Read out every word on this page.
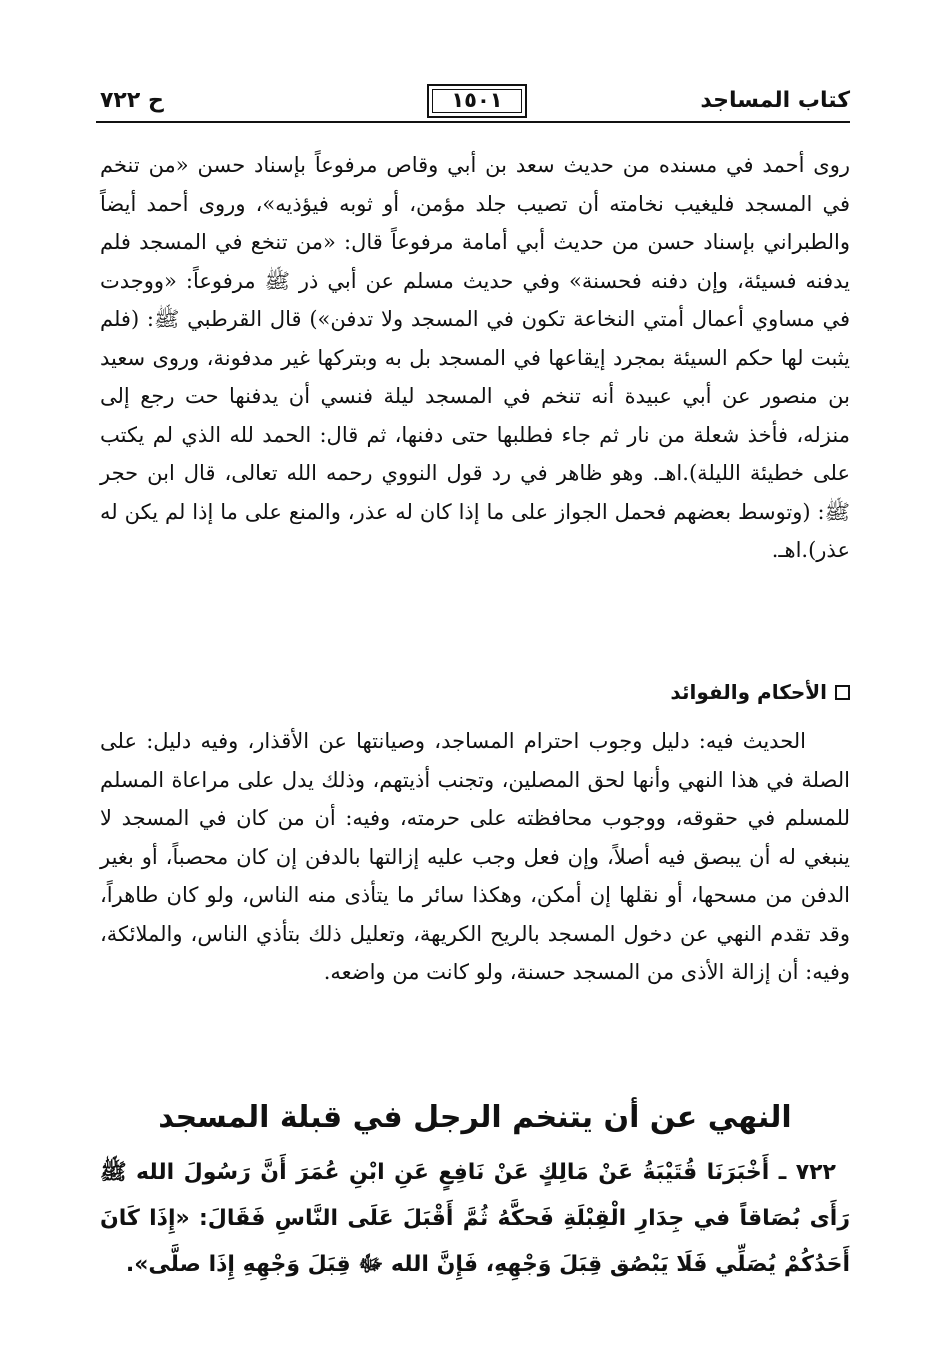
كتاب المساجد
١٥٠١
ح ٧٢٢

روى أحمد في مسنده من حديث سعد بن أبي وقاص مرفوعاً بإسناد حسن «من تنخم في المسجد فليغيب نخامته أن تصيب جلد مؤمن، أو ثوبه فيؤذيه»، وروى أحمد أيضاً والطبراني بإسناد حسن من حديث أبي أمامة مرفوعاً قال: «من تنخع في المسجد فلم يدفنه فسيئة، وإن دفنه فحسنة» وفي حديث مسلم عن أبي ذر ﷺ مرفوعاً: «ووجدت في مساوي أعمال أمتي النخاعة تكون في المسجد ولا تدفن») قال القرطبي ﷺ: (فلم يثبت لها حكم السيئة بمجرد إيقاعها في المسجد بل به وبتركها غير مدفونة، وروى سعيد بن منصور عن أبي عبيدة أنه تنخم في المسجد ليلة فنسي أن يدفنها حت رجع إلى منزله، فأخذ شعلة من نار ثم جاء فطلبها حتى دفنها، ثم قال: الحمد لله الذي لم يكتب على خطيئة الليلة).اهـ. وهو ظاهر في رد قول النووي رحمه الله تعالى، قال ابن حجر ﷺ: (وتوسط بعضهم فحمل الجواز على ما إذا كان له عذر، والمنع على ما إذا لم يكن له عذر).اهـ.

الأحكام والفوائد

الحديث فيه: دليل وجوب احترام المساجد، وصيانتها عن الأقذار، وفيه دليل: على الصلة في هذا النهي وأنها لحق المصلين، وتجنب أذيتهم، وذلك يدل على مراعاة المسلم للمسلم في حقوقه، ووجوب محافظته على حرمته، وفيه: أن من كان في المسجد لا ينبغي له أن يبصق فيه أصلاً، وإن فعل وجب عليه إزالتها بالدفن إن كان محصباً، أو بغير الدفن من مسحها، أو نقلها إن أمكن، وهكذا سائر ما يتأذى منه الناس، ولو كان طاهراً، وقد تقدم النهي عن دخول المسجد بالريح الكريهة، وتعليل ذلك بتأذي الناس، والملائكة، وفيه: أن إزالة الأذى من المسجد حسنة، ولو كانت من واضعه.

النهي عن أن يتنخم الرجل في قبلة المسجد

٧٢٢ ـ أَخْبَرَنَا قُتَيْبَةُ عَنْ مَالِكٍ عَنْ نَافِعٍ عَنِ ابْنِ عُمَرَ أَنَّ رَسُولَ الله ﷺ رَأَى بُصَاقاً في جِدَارِ الْقِبْلَةِ فَحكَّهُ ثُمَّ أَقْبَلَ عَلَى النَّاسِ فَقَالَ: «إِذَا كَانَ أَحَدُكُمْ يُصَلِّي فَلَا يَبْصُق قِبَلَ وَجْهِهِ، فَإِنَّ الله ﷻ قِبَلَ وَجْهِهِ إِذَا صلَّى».
